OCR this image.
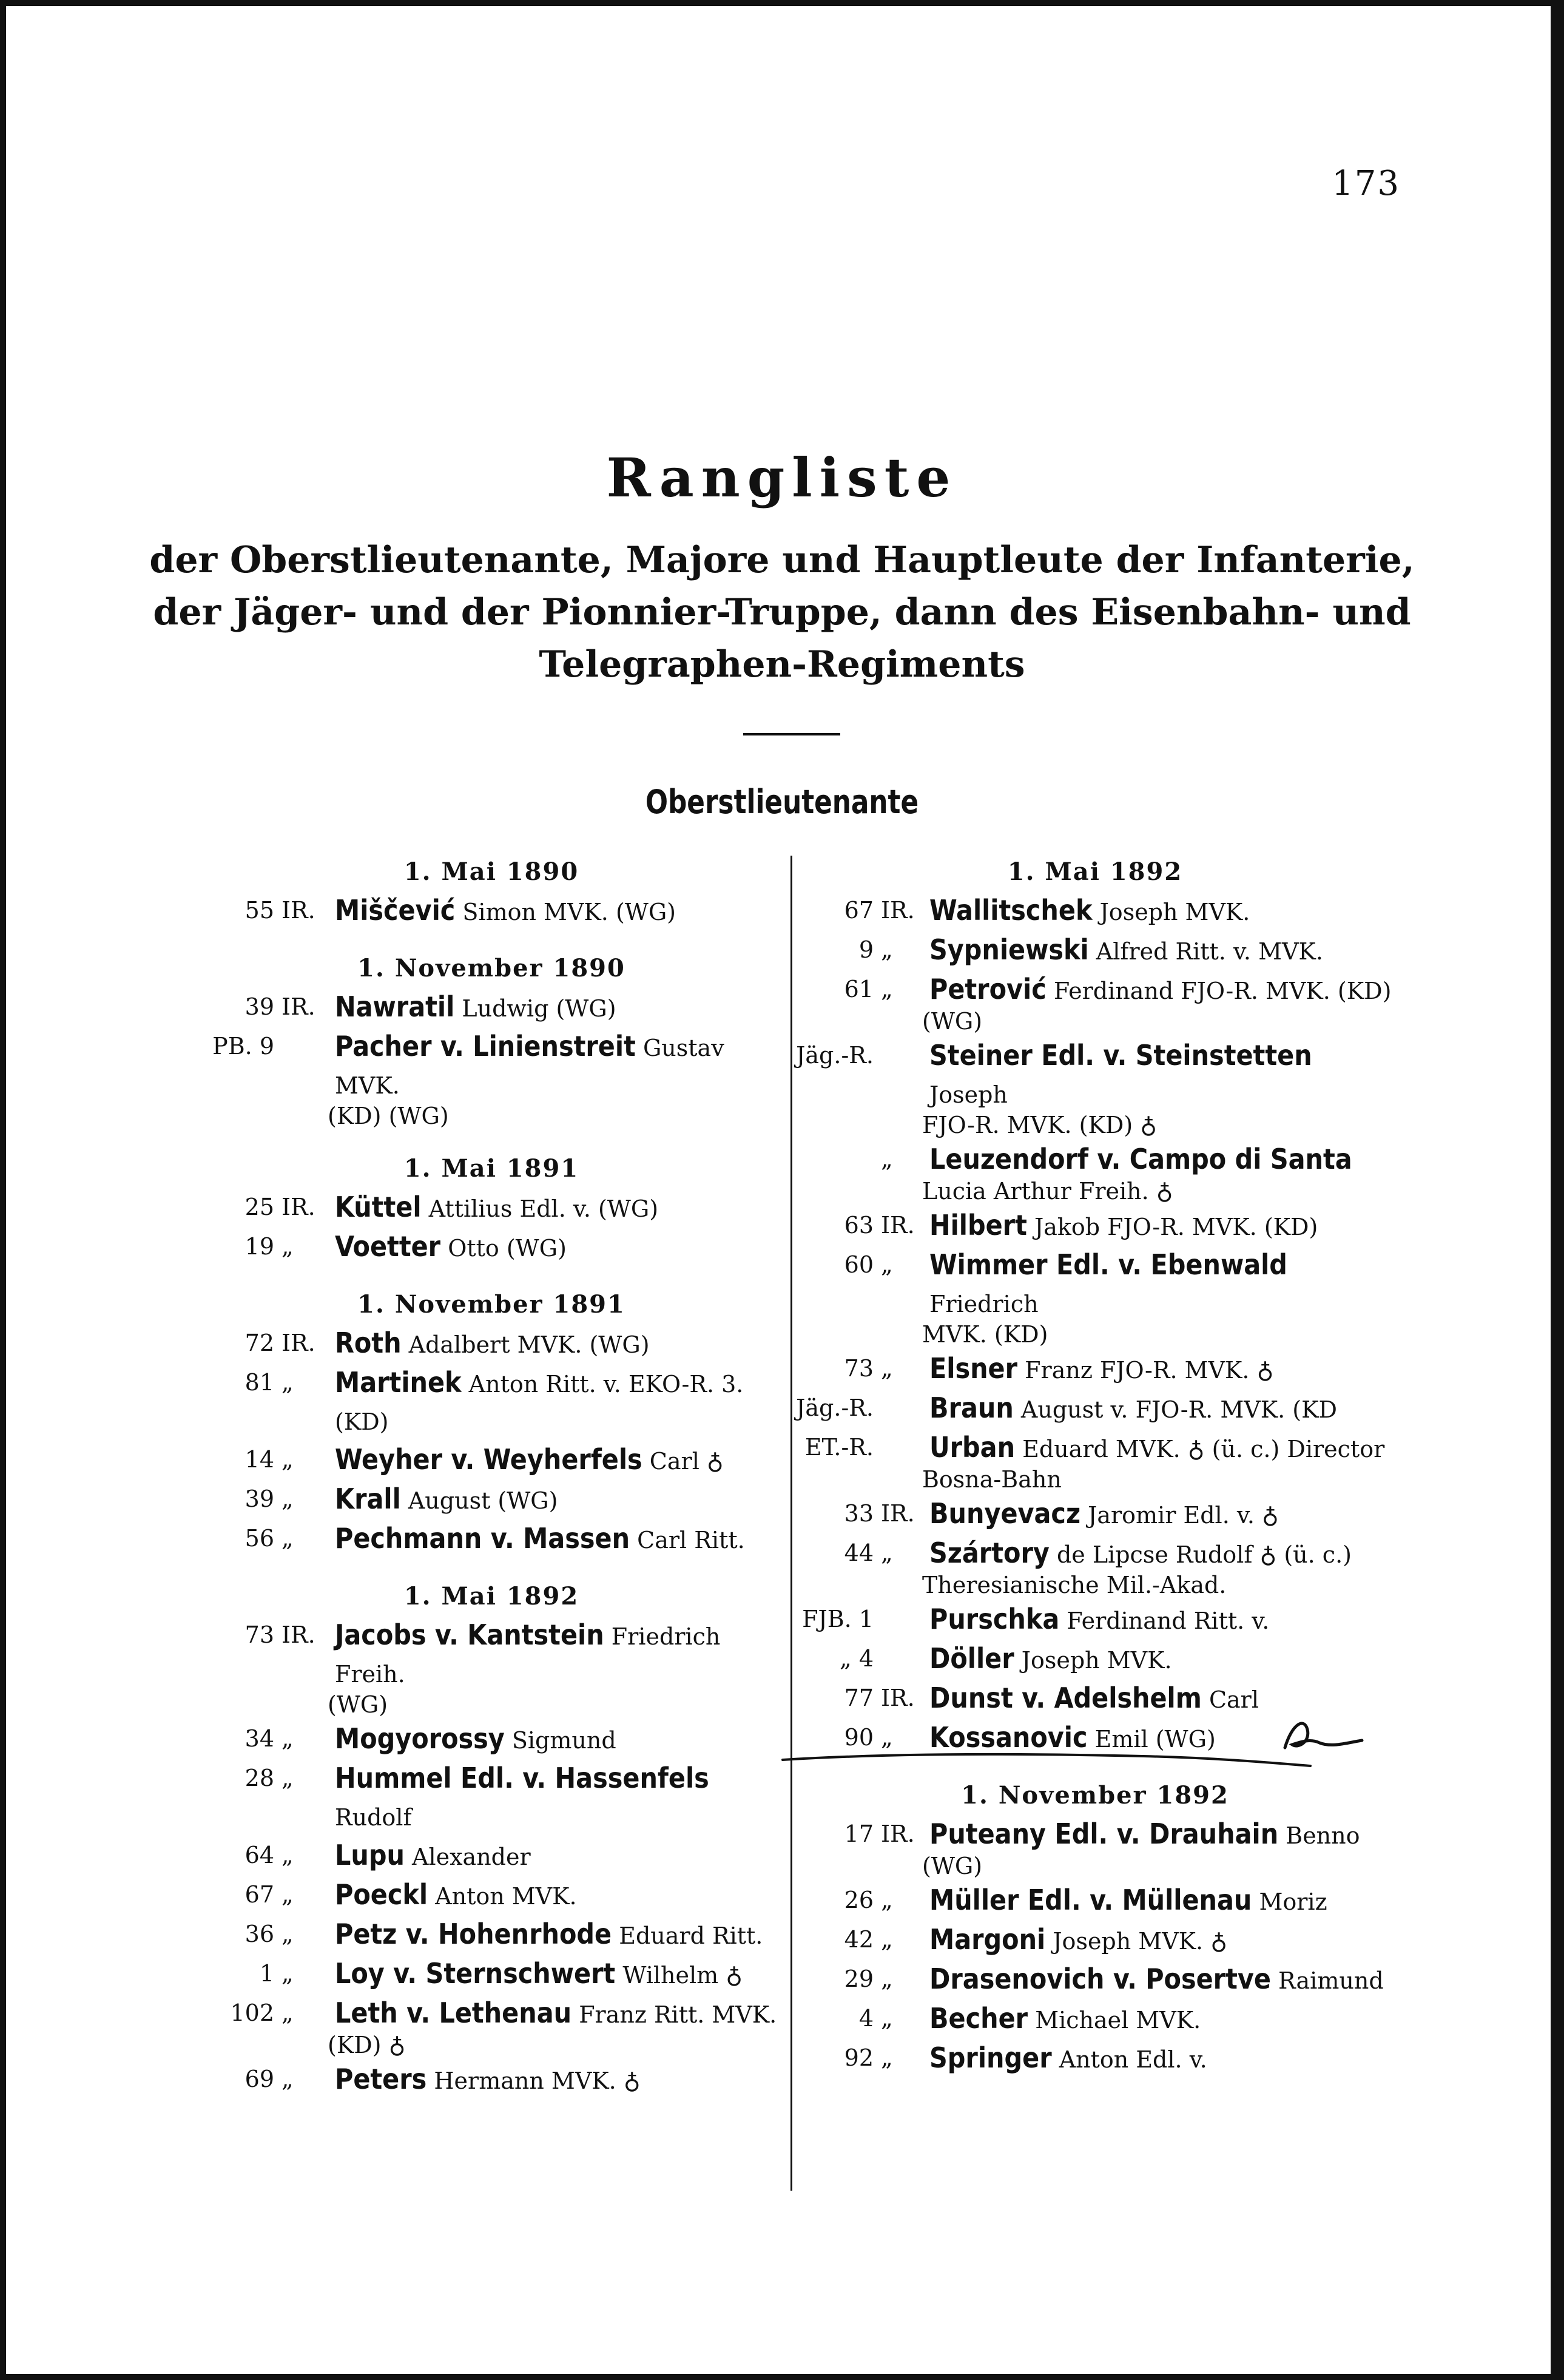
173
Rangliste
der Oberstlieutenante, Majore und Hauptleute der Infanterie,
der Jäger- und der Pionnier-Truppe, dann des Eisenbahn- und
Telegraphen-Regiments
Oberstlieutenante
1. Mai 1890
55 IR. Miščević Simon MVK. (WG)
1. November 1890
39 IR. Nawratil Ludwig (WG)
PB. 9 Pacher v. Linienstreit Gustav MVK.
(KD) (WG)
1. Mai 1891
25 IR. Küttel Attilius Edl. v. (WG)
19 „	Voetter Otto (WG)
1. November 1891
72 IR. Roth Adalbert MVK. (WG)
81 „	Martinek Anton Ritt. v. EKO-R. 3. (KD)
14 „	Weyher v. Weyherfels Carl ♁
39 „	Krall August (WG)
56 „	Pechmann v. Massen Carl Ritt.
1. Mai 1892
73 IR. Jacobs v. Kantstein Friedrich Freih.
(WG)
34 „	Mogyorossy Sigmund
28 „	Hummel Edl. v. Hassenfels Rudolf
64 „	Lupu Alexander
67 „	Poeckl Anton MVK.
36 „	Petz v. Hohenrhode Eduard Ritt.
1 „	Loy v. Sternschwert Wilhelm ♁
102 „	Leth v. Lethenau Franz Ritt. MVK.
(KD) ♁
69 „	Peters Hermann MVK. ♁
1. Mai 1892
67 IR. Wallitschek Joseph MVK.
9 „	Sypniewski Alfred Ritt. v. MVK.
61 „	Petrović Ferdinand FJO-R. MVK. (KD)
(WG)
Jäg.-R. Steiner Edl. v. Steinstetten Joseph
FJO-R. MVK. (KD) ♁
„	Leuzendorf v. Campo di Santa
Lucia Arthur Freih. ♁
63 IR. Hilbert Jakob FJO-R. MVK. (KD)
60 „	Wimmer Edl. v. Ebenwald Friedrich
MVK. (KD)
73 „	Elsner Franz FJO-R. MVK. ♁
Jäg.-R. Braun August v. FJO-R. MVK. (KD
ET.-R. Urban Eduard MVK. ♁ (ü. c.) Director
Bosna-Bahn
33 IR. Bunyevacz Jaromir Edl. v. ♁
44 „	Szártory de Lipcse Rudolf ♁ (ü. c.)
Theresianische Mil.-Akad.
FJB. 1 Purschka Ferdinand Ritt. v.
„ 4 Döller Joseph MVK.
77 IR. Dunst v. Adelshelm Carl
90 „	Kossanovic Emil (WG)
1. November 1892
17 IR. Puteany Edl. v. Drauhain Benno
(WG)
26 „	Müller Edl. v. Müllenau Moriz
42 „	Margoni Joseph MVK. ♁
29 „	Drasenovich v. Posertve Raimund
4 „	Becher Michael MVK.
92 „	Springer Anton Edl. v.
